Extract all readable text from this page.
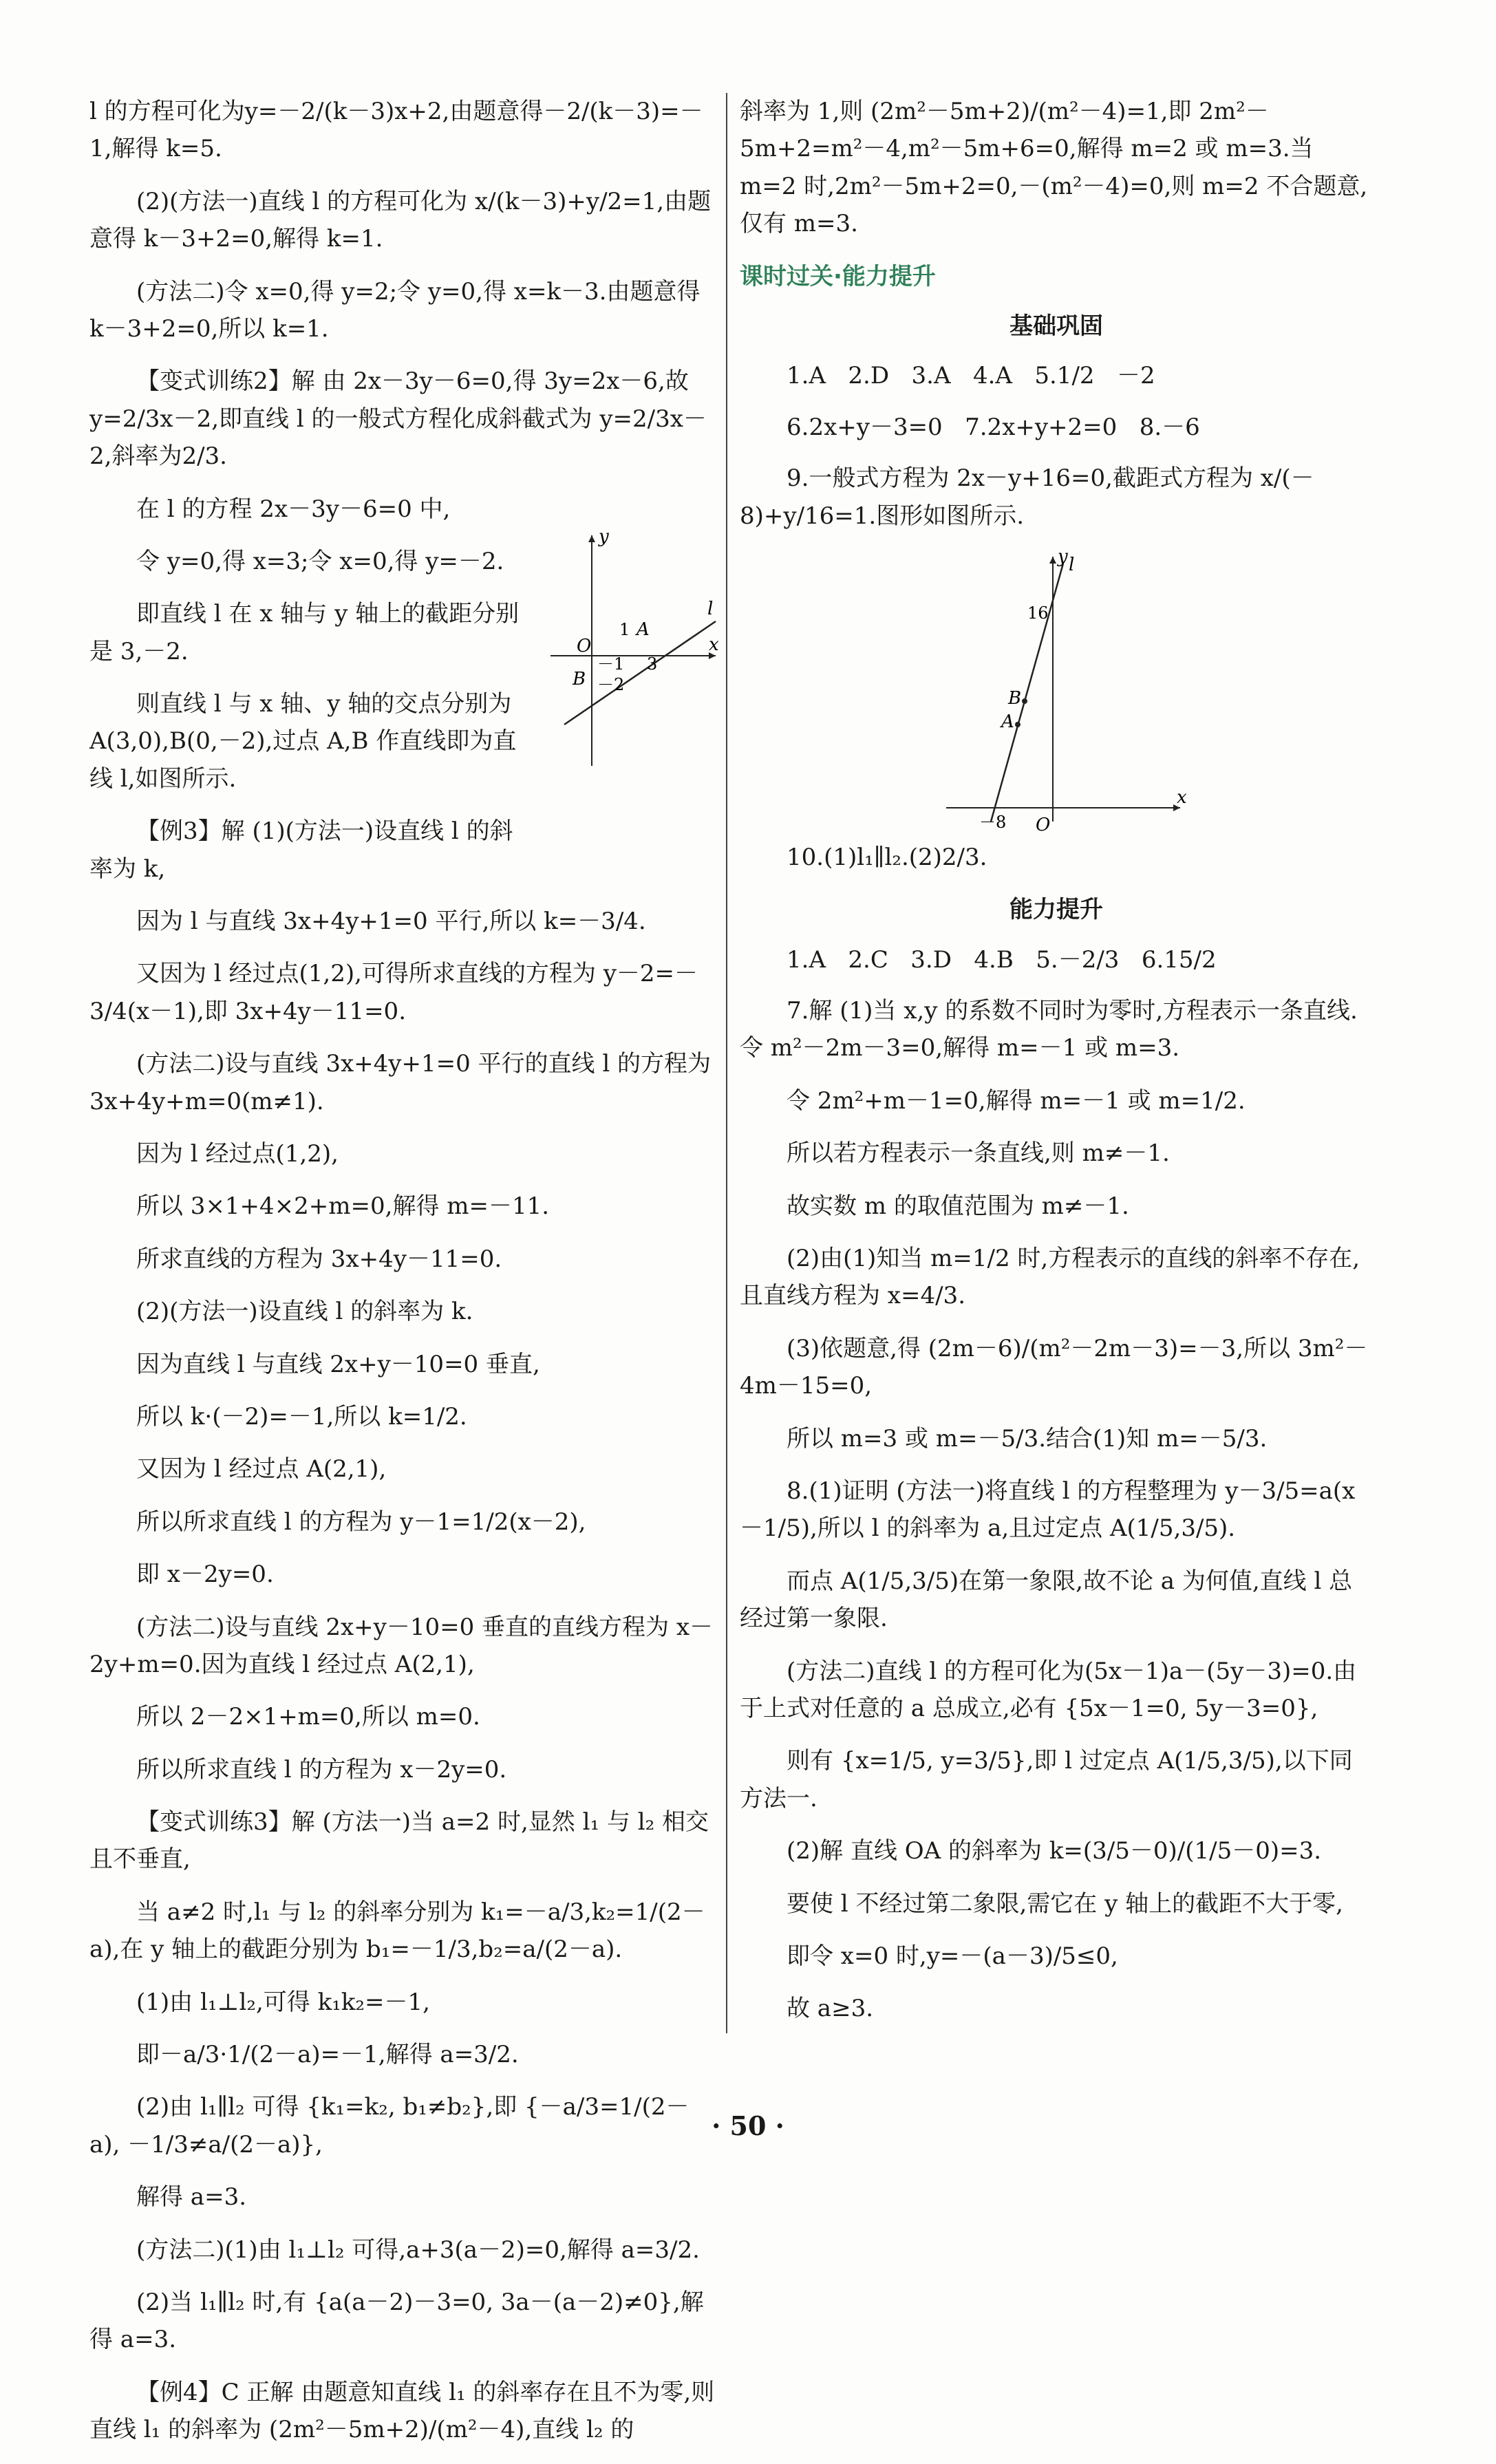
l 的方程可化为y=－2/(k－3)x+2,由题意得－2/(k－3)=－1,解得 k=5.

(2)(方法一)直线 l 的方程可化为 x/(k－3)+y/2=1,由题意得 k－3+2=0,解得 k=1.

(方法二)令 x=0,得 y=2;令 y=0,得 x=k－3.由题意得 k－3+2=0,所以 k=1.

【变式训练2】解 由 2x－3y－6=0,得 3y=2x－6,故 y=2/3x－2,即直线 l 的一般式方程化成斜截式为 y=2/3x－2,斜率为2/3.

l
y
x
O
1 A
－1 3
B －2

在 l 的方程 2x－3y－6=0 中,

令 y=0,得 x=3;令 x=0,得 y=－2.

即直线 l 在 x 轴与 y 轴上的截距分别是 3,－2.

则直线 l 与 x 轴、y 轴的交点分别为 A(3,0),B(0,－2),过点 A,B 作直线即为直线 l,如图所示.

【例3】解 (1)(方法一)设直线 l 的斜率为 k,

因为 l 与直线 3x+4y+1=0 平行,所以 k=－3/4.

又因为 l 经过点(1,2),可得所求直线的方程为 y－2=－3/4(x－1),即 3x+4y－11=0.

(方法二)设与直线 3x+4y+1=0 平行的直线 l 的方程为 3x+4y+m=0(m≠1).

因为 l 经过点(1,2),

所以 3×1+4×2+m=0,解得 m=－11.

所求直线的方程为 3x+4y－11=0.

(2)(方法一)设直线 l 的斜率为 k.

因为直线 l 与直线 2x+y－10=0 垂直,

所以 k·(－2)=－1,所以 k=1/2.

又因为 l 经过点 A(2,1),

所以所求直线 l 的方程为 y－1=1/2(x－2),

即 x－2y=0.

(方法二)设与直线 2x+y－10=0 垂直的直线方程为 x－2y+m=0.因为直线 l 经过点 A(2,1),

所以 2－2×1+m=0,所以 m=0.

所以所求直线 l 的方程为 x－2y=0.

【变式训练3】解 (方法一)当 a=2 时,显然 l₁ 与 l₂ 相交且不垂直,

当 a≠2 时,l₁ 与 l₂ 的斜率分别为 k₁=－a/3,k₂=1/(2－a),在 y 轴上的截距分别为 b₁=－1/3,b₂=a/(2－a).

(1)由 l₁⊥l₂,可得 k₁k₂=－1,

即－a/3·1/(2－a)=－1,解得 a=3/2.

(2)由 l₁∥l₂ 可得 {k₁=k₂, b₁≠b₂},即 {－a/3=1/(2－a), －1/3≠a/(2－a)},

解得 a=3.

(方法二)(1)由 l₁⊥l₂ 可得,a+3(a－2)=0,解得 a=3/2.

(2)当 l₁∥l₂ 时,有 {a(a－2)－3=0, 3a－(a－2)≠0},解得 a=3.

【例4】C 正解 由题意知直线 l₁ 的斜率存在且不为零,则直线 l₁ 的斜率为 (2m²－5m+2)/(m²－4),直线 l₂ 的

斜率为 1,则 (2m²－5m+2)/(m²－4)=1,即 2m²－5m+2=m²－4,m²－5m+6=0,解得 m=2 或 m=3.当 m=2 时,2m²－5m+2=0,－(m²－4)=0,则 m=2 不合题意,仅有 m=3.

课时过关·能力提升
基础巩固

1.A   2.D   3.A   4.A   5.1/2   －2

6.2x+y－3=0   7.2x+y+2=0   8.－6

9.一般式方程为 2x－y+16=0,截距式方程为 x/(－8)+y/16=1.图形如图所示.

l
y
x
O
16
－8
B
A

10.(1)l₁∥l₂.(2)2/3.

能力提升

1.A   2.C   3.D   4.B   5.－2/3   6.15/2

7.解 (1)当 x,y 的系数不同时为零时,方程表示一条直线.令 m²－2m－3=0,解得 m=－1 或 m=3.

令 2m²+m－1=0,解得 m=－1 或 m=1/2.

所以若方程表示一条直线,则 m≠－1.

故实数 m 的取值范围为 m≠－1.

(2)由(1)知当 m=1/2 时,方程表示的直线的斜率不存在,且直线方程为 x=4/3.

(3)依题意,得 (2m－6)/(m²－2m－3)=－3,所以 3m²－4m－15=0,

所以 m=3 或 m=－5/3.结合(1)知 m=－5/3.

8.(1)证明 (方法一)将直线 l 的方程整理为 y－3/5=a(x－1/5),所以 l 的斜率为 a,且过定点 A(1/5,3/5).

而点 A(1/5,3/5)在第一象限,故不论 a 为何值,直线 l 总经过第一象限.

(方法二)直线 l 的方程可化为(5x－1)a－(5y－3)=0.由于上式对任意的 a 总成立,必有 {5x－1=0, 5y－3=0},

则有 {x=1/5, y=3/5},即 l 过定点 A(1/5,3/5),以下同方法一.

(2)解 直线 OA 的斜率为 k=(3/5－0)/(1/5－0)=3.

要使 l 不经过第二象限,需它在 y 轴上的截距不大于零,

即令 x=0 时,y=－(a－3)/5≤0,

故 a≥3.

· 50 ·
